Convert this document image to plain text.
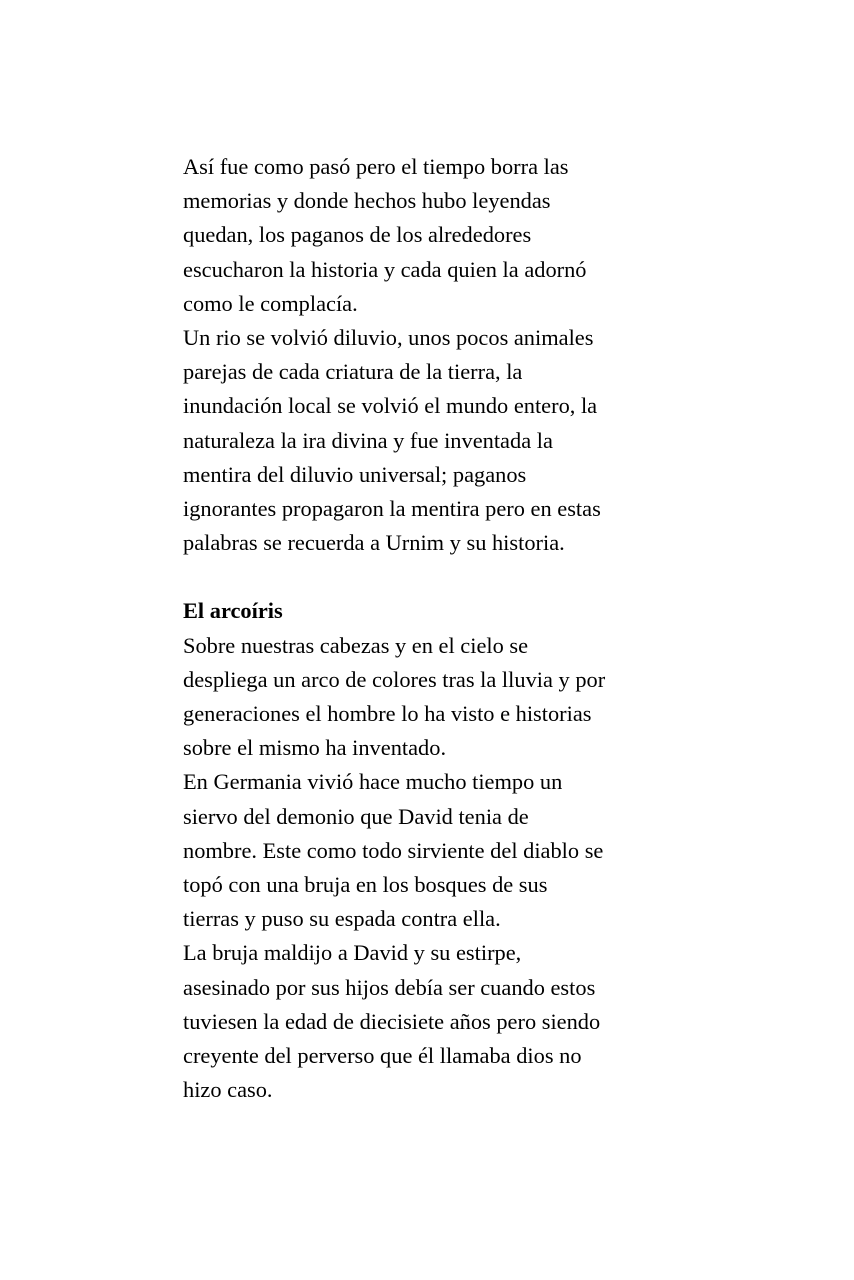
Así fue como pasó pero el tiempo borra las
memorias y donde hechos hubo leyendas
quedan, los paganos de los alrededores
escucharon la historia y cada quien la adornó
como le complacía.
Un rio se volvió diluvio, unos pocos animales
parejas de cada criatura de la tierra, la
inundación local se volvió el mundo entero, la
naturaleza la ira divina y fue inventada la
mentira del diluvio universal; paganos
ignorantes propagaron la mentira pero en estas
palabras se recuerda a Urnim y su historia.
El arcoíris
Sobre nuestras cabezas y en el cielo se
despliega un arco de colores tras la lluvia y por
generaciones el hombre lo ha visto e historias
sobre el mismo ha inventado.
En Germania vivió hace mucho tiempo un
siervo del demonio que David tenia de
nombre. Este como todo sirviente del diablo se
topó con una bruja en los bosques de sus
tierras y puso su espada contra ella.
La bruja maldijo a David y su estirpe,
asesinado por sus hijos debía ser cuando estos
tuviesen la edad de diecisiete años pero siendo
creyente del perverso que él llamaba dios no
hizo caso.
